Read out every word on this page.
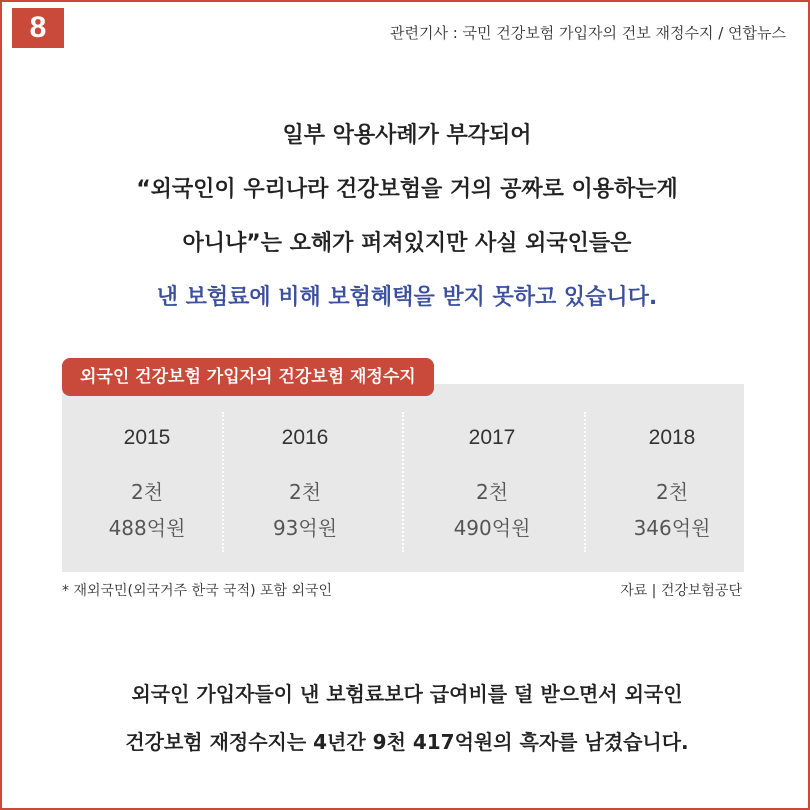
8	관련기사 : 국민 건강보험 가입자의 건보 재정수지 / 연합뉴스
일부 악용사례가 부각되어
“외국인이 우리나라 건강보험을 거의 공짜로 이용하는게
아니냐”는 오해가 퍼져있지만 사실 외국인들은
낸 보험료에 비해 보험혜택을 받지 못하고 있습니다.
2015
2천
488억원
2016
2천
93억원
2017
2천
490억원
2018
2천
346억원
외국인 건강보험 가입자의 건강보험 재정수지
* 재외국민(외국거주 한국 국적) 포함 외국인	자료 | 건강보험공단
외국인 가입자들이 낸 보험료보다 급여비를 덜 받으면서 외국인
건강보험 재정수지는 4년간 9천 417억원의 흑자를 남겼습니다.
